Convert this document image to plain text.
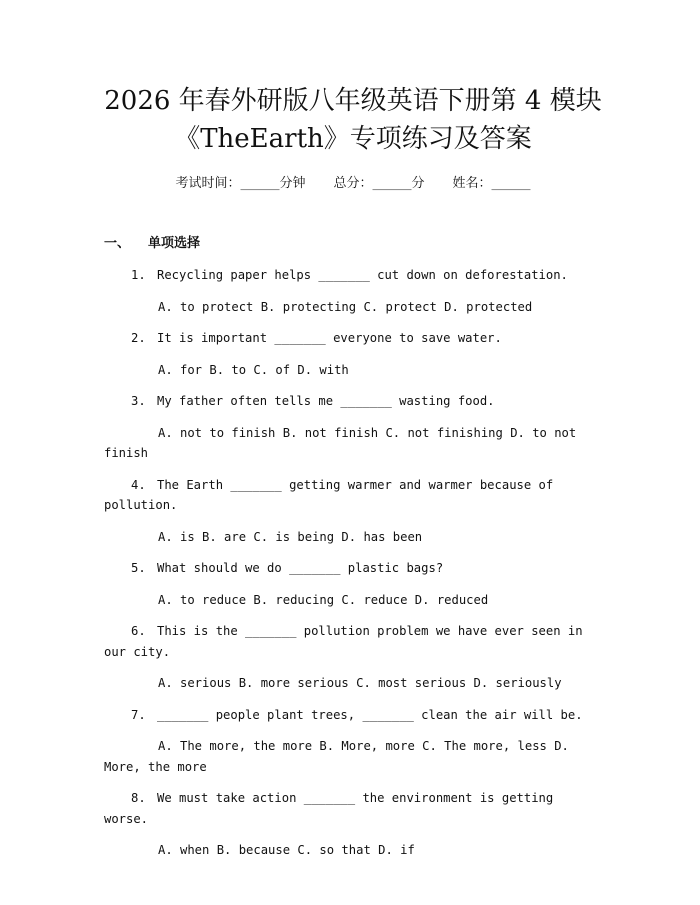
2026 年春外研版八年级英语下册第 4 模块
《TheEarth》专项练习及答案
考试时间：______分钟 总分：______分 姓名：______
一、 单项选择

1. Recycling paper helps _______ cut down on deforestation.

A. to protect B. protecting C. protect D. protected

2. It is important _______ everyone to save water.

A. for B. to C. of D. with

3. My father often tells me _______ wasting food.

A. not to finish B. not finish C. not finishing D. to not finish

4. The Earth _______ getting warmer and warmer because of pollution.

A. is B. are C. is being D. has been

5. What should we do _______ plastic bags?

A. to reduce B. reducing C. reduce D. reduced

6. This is the _______ pollution problem we have ever seen in our city.

A. serious B. more serious C. most serious D. seriously

7. _______ people plant trees, _______ clean the air will be.

A. The more, the more B. More, more C. The more, less D. More, the more

8. We must take action _______ the environment is getting worse.

A. when B. because C. so that D. if
